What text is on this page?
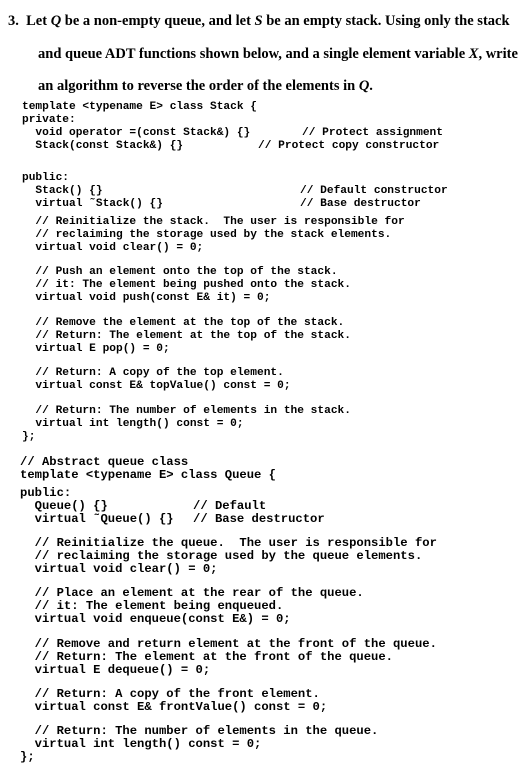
3. Let Q be a non-empty queue, and let S be an empty stack. Using only the stack
and queue ADT functions shown below, and a single element variable X, write
an algorithm to reverse the order of the elements in Q.
template <typename E> class Stack {
private:
void operator =(const Stack&) {}	// Protect assignment
Stack(const Stack&) {}	// Protect copy constructor
public:
Stack() {}	// Default constructor
virtual ˜Stack() {}	// Base destructor
// Reinitialize the stack.  The user is responsible for
// reclaiming the storage used by the stack elements.
virtual void clear() = 0;
// Push an element onto the top of the stack.
// it: The element being pushed onto the stack.
virtual void push(const E& it) = 0;
// Remove the element at the top of the stack.
// Return: The element at the top of the stack.
virtual E pop() = 0;
// Return: A copy of the top element.
virtual const E& topValue() const = 0;
// Return: The number of elements in the stack.
virtual int length() const = 0;
};
// Abstract queue class
template <typename E> class Queue {
public:
Queue() {}	// Default
virtual ˜Queue() {} // Base destructor
// Reinitialize the queue.  The user is responsible for
// reclaiming the storage used by the queue elements.
virtual void clear() = 0;
// Place an element at the rear of the queue.
// it: The element being enqueued.
virtual void enqueue(const E&) = 0;
// Remove and return element at the front of the queue.
// Return: The element at the front of the queue.
virtual E dequeue() = 0;
// Return: A copy of the front element.
virtual const E& frontValue() const = 0;
// Return: The number of elements in the queue.
virtual int length() const = 0;
};
